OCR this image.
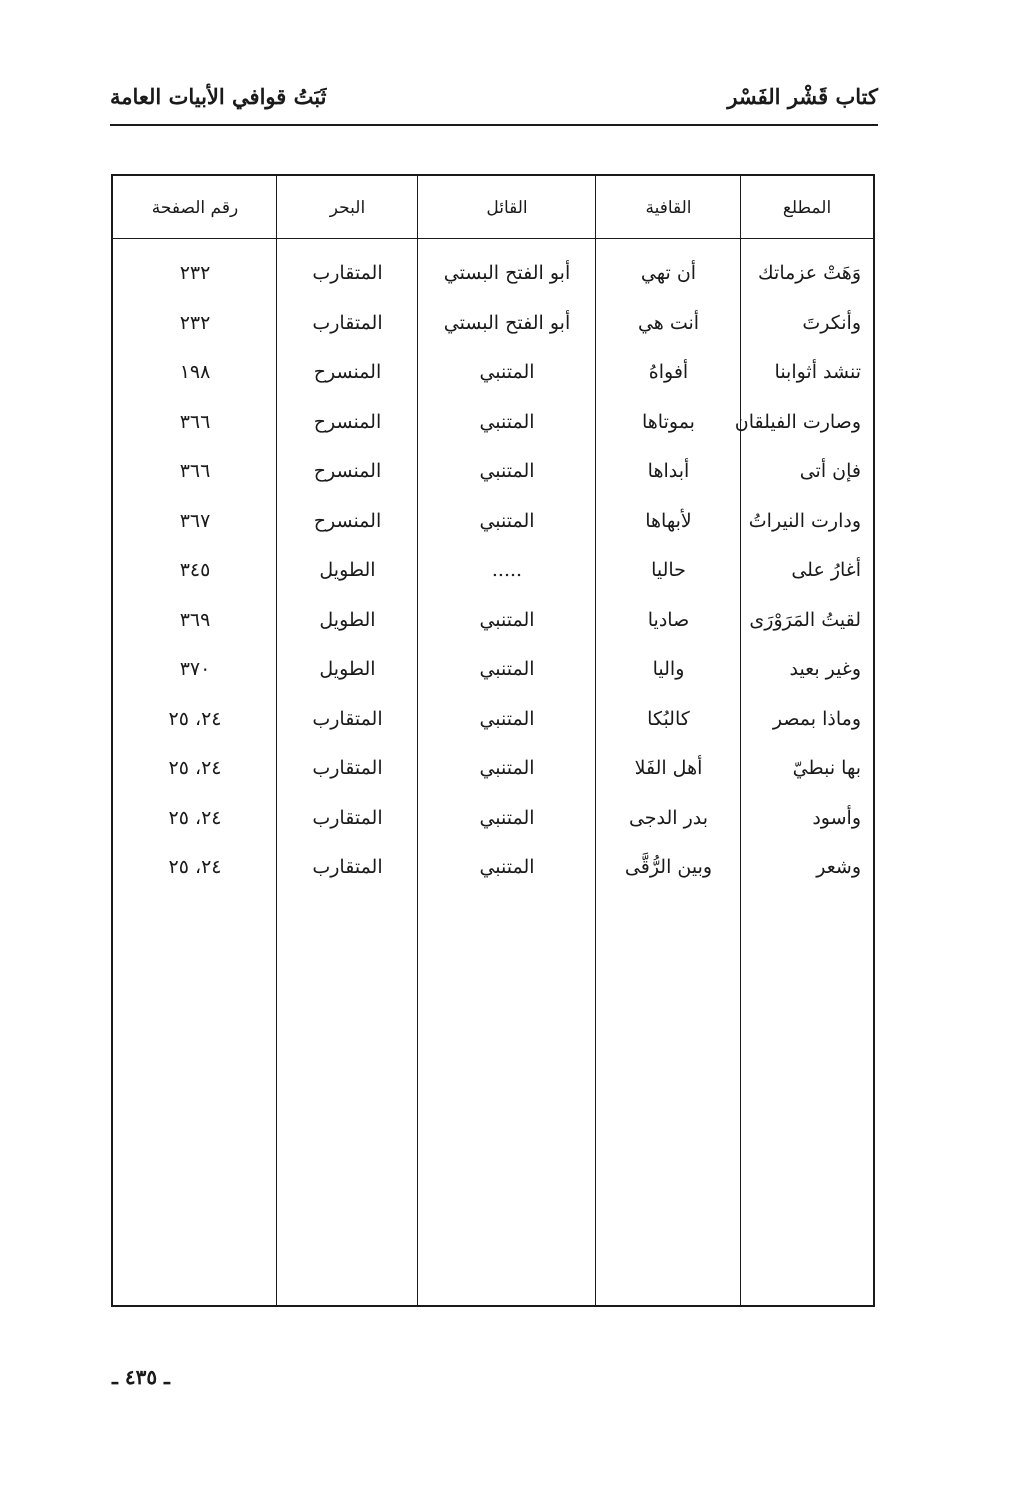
كتاب قَشْر الفَسْر
ثَبَتُ قوافي الأبيات العامة
المطلع
القافية
القائل
البحر
رقم الصفحة
وَهَتْ عزماتك
أن تهي
أبو الفتح البستي
المتقارب
٢٣٢
وأنكرتَ
أنت هي
أبو الفتح البستي
المتقارب
٢٣٢
تنشد أثوابنا
أفواهُ
المتنبي
المنسرح
١٩٨
وصارت الفيلقان
بموتاها
المتنبي
المنسرح
٣٦٦
فإن أتى
أبداها
المتنبي
المنسرح
٣٦٦
ودارت النيراتُ
لأبهاها
المتنبي
المنسرح
٣٦٧
أغارُ على
حاليا
.....
الطويل
٣٤٥
لقيتُ المَرَوْرَى
صاديا
المتنبي
الطويل
٣٦٩
وغير بعيد
واليا
المتنبي
الطويل
٣٧٠
وماذا بمصر
كالبُكا
المتنبي
المتقارب
٢٤، ٢٥
بها نبطيّ
أهل الفَلا
المتنبي
المتقارب
٢٤، ٢٥
وأسود
بدر الدجى
المتنبي
المتقارب
٢٤، ٢٥
وشعر
وبين الرُّقَّى
المتنبي
المتقارب
٢٤، ٢٥
ـ ٤٣٥ ـ
